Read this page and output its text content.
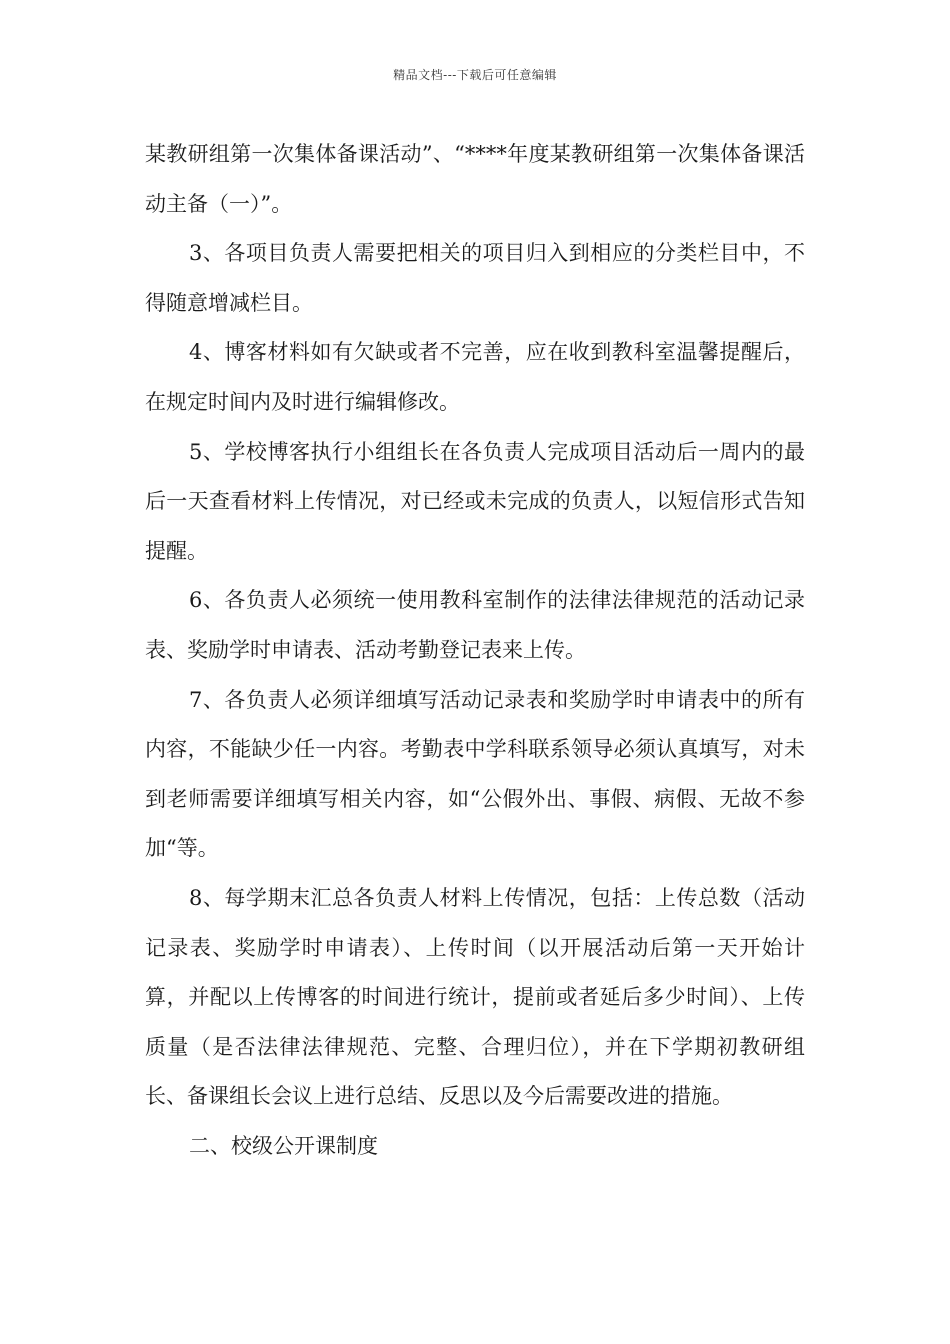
精品文档---下载后可任意编辑

某教研组第一次集体备课活动”、“****年度某教研组第一次集体备课活动主备（一）”。

3、各项目负责人需要把相关的项目归入到相应的分类栏目中，不得随意增减栏目。

4、博客材料如有欠缺或者不完善，应在收到教科室温馨提醒后，在规定时间内及时进行编辑修改。

5、学校博客执行小组组长在各负责人完成项目活动后一周内的最后一天查看材料上传情况，对已经或未完成的负责人，以短信形式告知提醒。

6、各负责人必须统一使用教科室制作的法律法律规范的活动记录表、奖励学时申请表、活动考勤登记表来上传。

7、各负责人必须详细填写活动记录表和奖励学时申请表中的所有内容，不能缺少任一内容。考勤表中学科联系领导必须认真填写，对未到老师需要详细填写相关内容，如“公假外出、事假、病假、无故不参加“等。

8、每学期末汇总各负责人材料上传情况，包括：上传总数（活动记录表、奖励学时申请表）、上传时间（以开展活动后第一天开始计算，并配以上传博客的时间进行统计，提前或者延后多少时间）、上传质量（是否法律法律规范、完整、合理归位），并在下学期初教研组长、备课组长会议上进行总结、反思以及今后需要改进的措施。

二、校级公开课制度
